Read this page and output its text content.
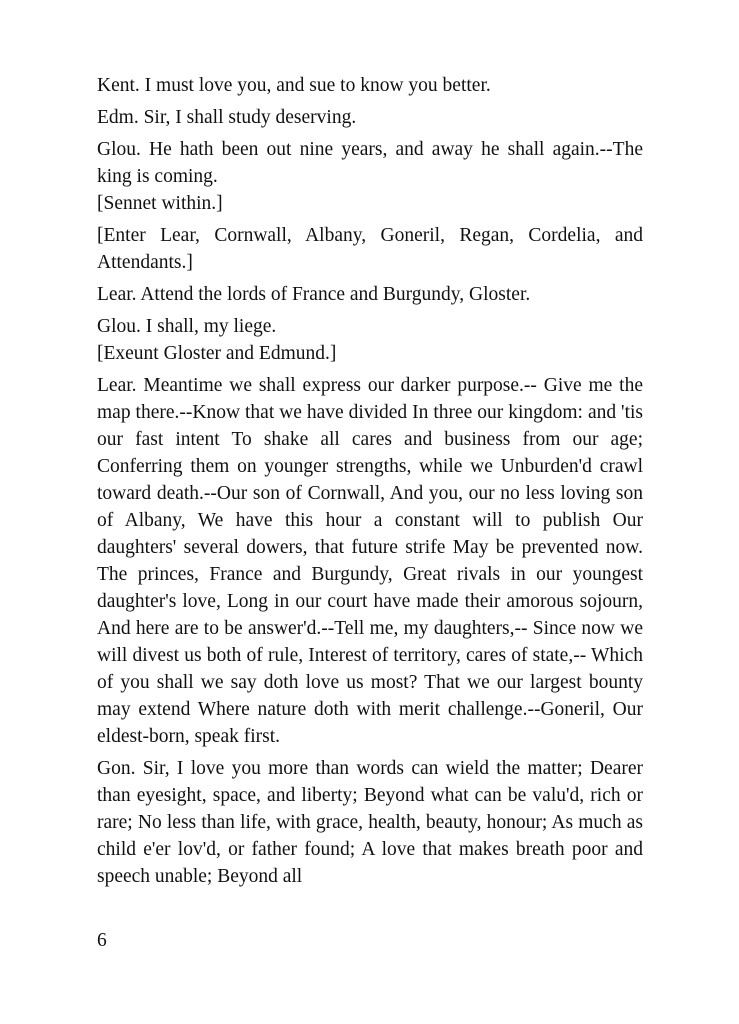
Kent. I must love you, and sue to know you better.

Edm. Sir, I shall study deserving.

Glou. He hath been out nine years, and away he shall again.--The king is coming.

[Sennet within.]

[Enter Lear, Cornwall, Albany, Goneril, Regan, Cordelia, and Attendants.]

Lear. Attend the lords of France and Burgundy, Gloster.

Glou. I shall, my liege.

[Exeunt Gloster and Edmund.]

Lear. Meantime we shall express our darker purpose.-- Give me the map there.--Know that we have divided In three our kingdom: and 'tis our fast intent To shake all cares and business from our age; Conferring them on younger strengths, while we Unburden'd crawl toward death.--Our son of Cornwall, And you, our no less loving son of Albany, We have this hour a constant will to publish Our daughters' several dowers, that future strife May be prevented now. The princes, France and Burgundy, Great rivals in our youngest daughter's love, Long in our court have made their amorous sojourn, And here are to be answer'd.--Tell me, my daughters,-- Since now we will divest us both of rule, Interest of territory, cares of state,-- Which of you shall we say doth love us most? That we our largest bounty may extend Where nature doth with merit challenge.--Goneril, Our eldest-born, speak first.

Gon. Sir, I love you more than words can wield the matter; Dearer than eyesight, space, and liberty; Beyond what can be valu'd, rich or rare; No less than life, with grace, health, beauty, honour; As much as child e'er lov'd, or father found; A love that makes breath poor and speech unable; Beyond all

6
